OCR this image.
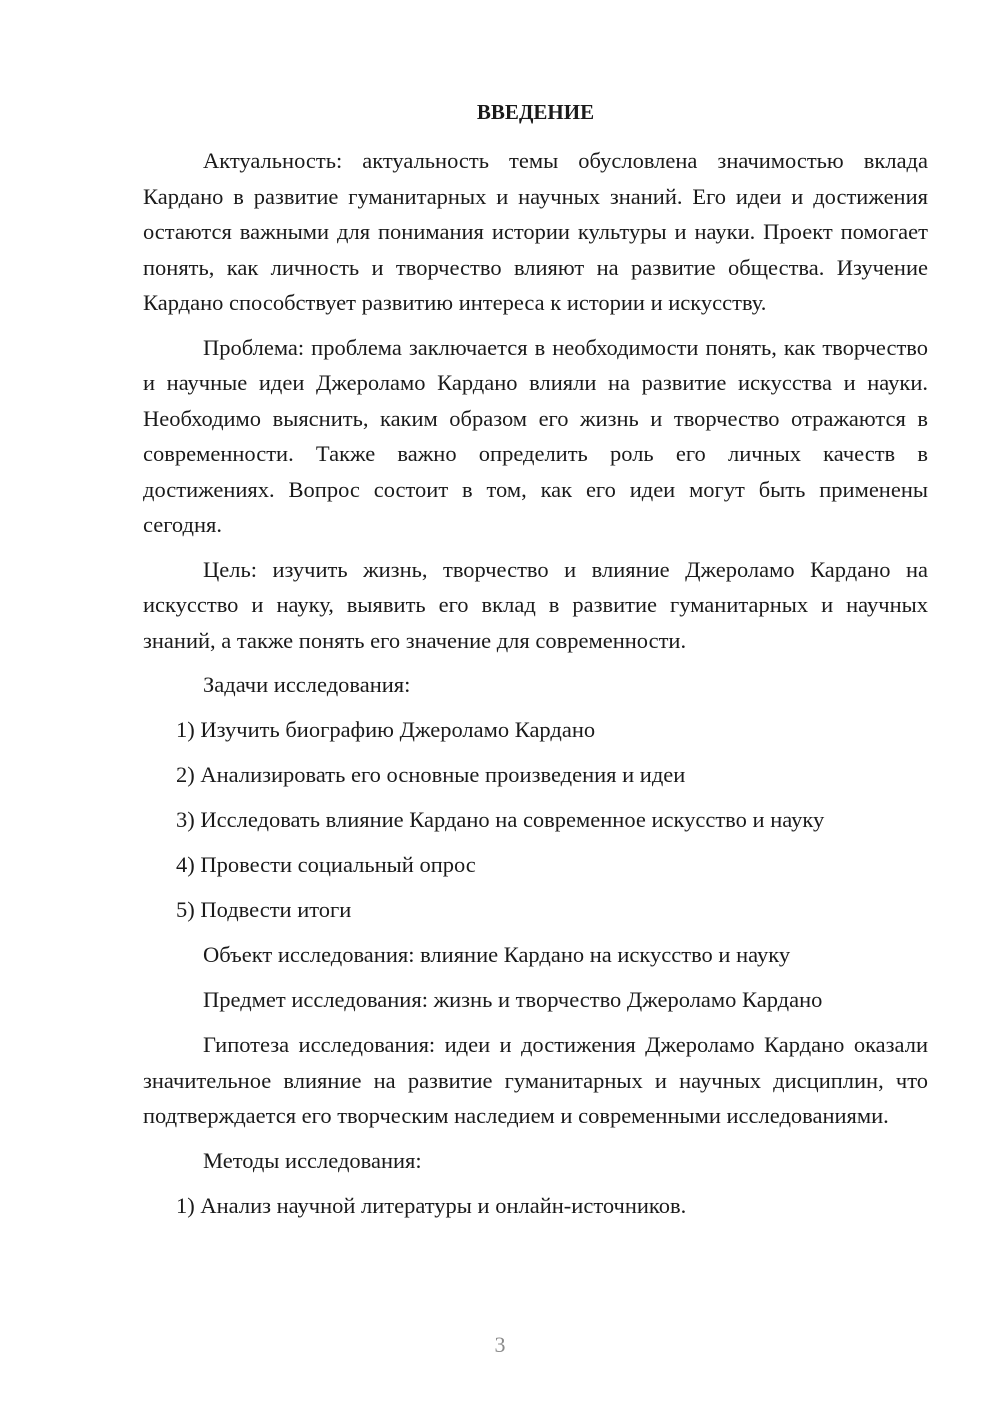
ВВЕДЕНИЕ

Актуальность: актуальность темы обусловлена значимостью вклада Кардано в развитие гуманитарных и научных знаний. Его идеи и достижения остаются важными для понимания истории культуры и науки. Проект помогает понять, как личность и творчество влияют на развитие общества. Изучение Кардано способствует развитию интереса к истории и искусству.

Проблема: проблема заключается в необходимости понять, как творчество и научные идеи Джероламо Кардано влияли на развитие искусства и науки. Необходимо выяснить, каким образом его жизнь и творчество отражаются в современности. Также важно определить роль его личных качеств в достижениях. Вопрос состоит в том, как его идеи могут быть применены сегодня.

Цель: изучить жизнь, творчество и влияние Джероламо Кардано на искусство и науку, выявить его вклад в развитие гуманитарных и научных знаний, а также понять его значение для современности.

Задачи исследования:
1) Изучить биографию Джероламо Кардано
2) Анализировать его основные произведения и идеи
3) Исследовать влияние Кардано на современное искусство и науку
4) Провести социальный опрос
5) Подвести итоги
Объект исследования: влияние Кардано на искусство и науку
Предмет исследования: жизнь и творчество Джероламо Кардано

Гипотеза исследования: идеи и достижения Джероламо Кардано оказали значительное влияние на развитие гуманитарных и научных дисциплин, что подтверждается его творческим наследием и современными исследованиями.

Методы исследования:
1) Анализ научной литературы и онлайн-источников.
3
